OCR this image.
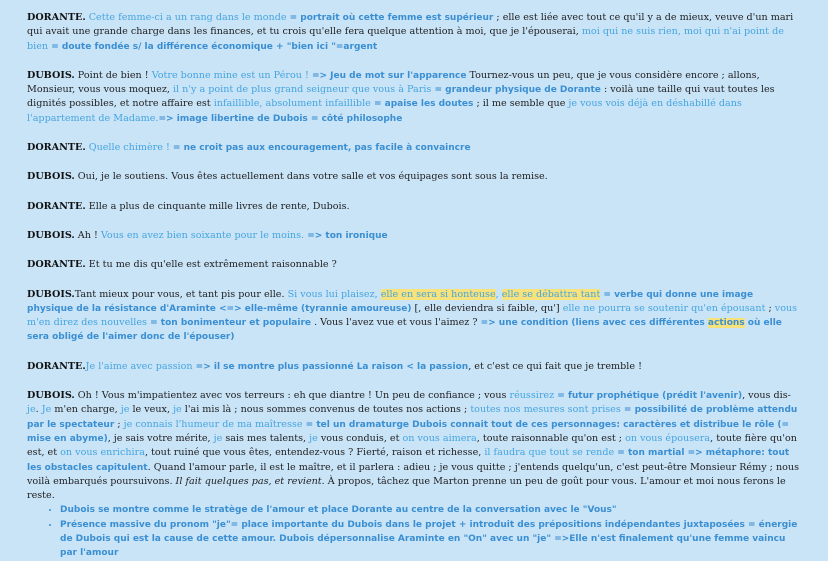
DORANTE. Cette femme-ci a un rang dans le monde = portrait où cette femme est supérieur ; elle est liée avec tout ce qu'il y a de mieux, veuve d'un mari qui avait une grande charge dans les finances, et tu crois qu'elle fera quelque attention à moi, que je l'épouserai, moi qui ne suis rien, moi qui n'ai point de bien = doute fondée s/ la différence économique + "bien ici "=argent

DUBOIS. Point de bien ! Votre bonne mine est un Pérou ! => Jeu de mot sur l'apparence Tournez-vous un peu, que je vous considère encore ; allons, Monsieur, vous vous moquez, il n'y a point de plus grand seigneur que vous à Paris = grandeur physique de Dorante : voilà une taille qui vaut toutes les dignités possibles, et notre affaire est infaillible, absolument infaillible = apaise les doutes ; il me semble que je vous vois déjà en déshabillé dans l'appartement de Madame.=> image libertine de Dubois = côté philosophe

DORANTE. Quelle chimère ! = ne croit pas aux encouragement, pas facile à convaincre

DUBOIS. Oui, je le soutiens. Vous êtes actuellement dans votre salle et vos équipages sont sous la remise.

DORANTE. Elle a plus de cinquante mille livres de rente, Dubois.

DUBOIS. Ah ! Vous en avez bien soixante pour le moins. => ton ironique

DORANTE. Et tu me dis qu'elle est extrêmement raisonnable ?

DUBOIS.Tant mieux pour vous, et tant pis pour elle. Si vous lui plaisez, elle en sera si honteuse, elle se débattra tant = verbe qui donne une image physique de la résistance d'Araminte <=> elle-même (tyrannie amoureuse) [, elle deviendra si faible, qu'] elle ne pourra se soutenir qu'en épousant ; vous m'en direz des nouvelles = ton bonimenteur et populaire . Vous l'avez vue et vous l'aimez ? => une condition (liens avec ces différentes actions où elle sera obligé de l'aimer donc de l'épouser)

DORANTE.Je l'aime avec passion => il se montre plus passionné La raison < la passion, et c'est ce qui fait que je tremble !

DUBOIS. Oh ! Vous m'impatientez avec vos terreurs : eh que diantre ! Un peu de confiance ; vous réussirez = futur prophétique (prédit l'avenir), vous dis-je. Je m'en charge, je le veux, je l'ai mis là ; nous sommes convenus de toutes nos actions ; toutes nos mesures sont prises = possibilité de problème attendu par le spectateur ; je connais l'humeur de ma maîtresse = tel un dramaturge Dubois connait tout de ces personnages: caractères et distribue le rôle (= mise en abyme), je sais votre mérite, je sais mes talents, je vous conduis, et on vous aimera, toute raisonnable qu'on est ; on vous épousera, toute fière qu'on est, et on vous enrichira, tout ruiné que vous êtes, entendez-vous ? Fierté, raison et richesse, il faudra que tout se rende = ton martial => métaphore: tout les obstacles capitulent. Quand l'amour parle, il est le maître, et il parlera : adieu ; je vous quitte ; j'entends quelqu'un, c'est peut-être Monsieur Rémy ; nous voilà embarqués poursuivons. Il fait quelques pas, et revient. À propos, tâchez que Marton prenne un peu de goût pour vous. L'amour et moi nous ferons le reste.

• Dubois se montre comme le stratège de l'amour et place Dorante au centre de la conversation avec le "Vous"
• Présence massive du pronom "je"= place importante du Dubois dans le projet + introduit des prépositions indépendantes juxtaposées = énergie de Dubois qui est la cause de cette amour. Dubois dépersonnalise Araminte en "On" avec un "je" =>Elle n'est finalement qu'une femme vaincu par l'amour
